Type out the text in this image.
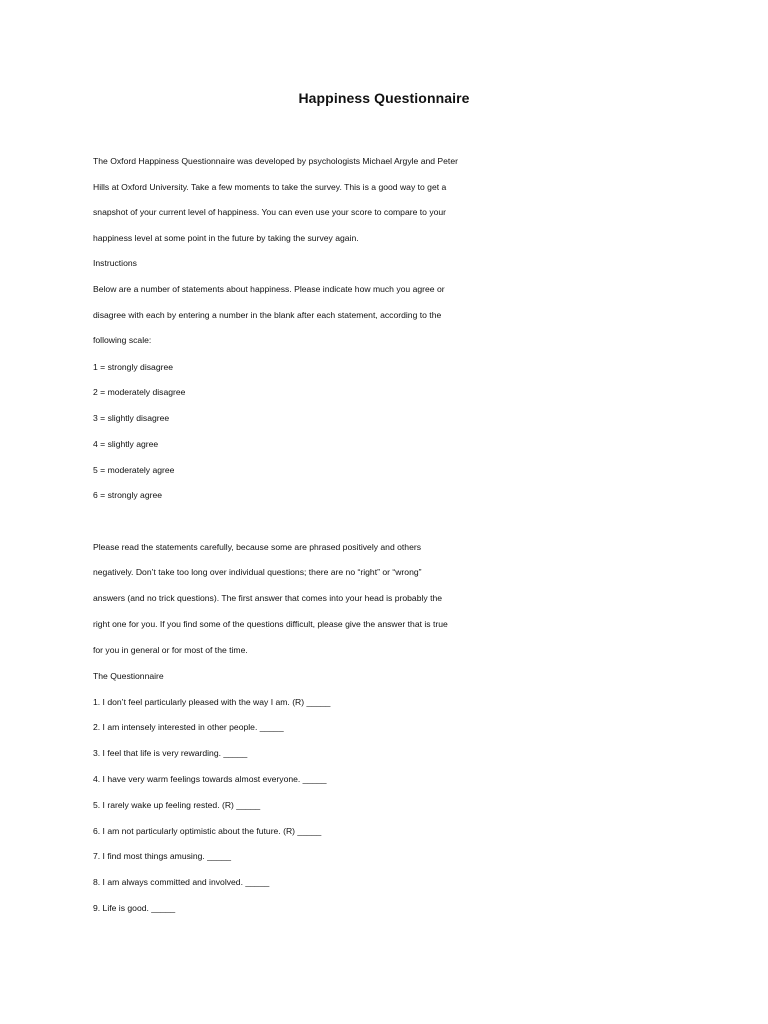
Happiness Questionnaire
The Oxford Happiness Questionnaire was developed by psychologists Michael Argyle and Peter
Hills at Oxford University. Take a few moments to take the survey. This is a good way to get a
snapshot of your current level of happiness. You can even use your score to compare to your
happiness level at some point in the future by taking the survey again.
Instructions
Below are a number of statements about happiness. Please indicate how much you agree or
disagree with each by entering a number in the blank after each statement, according to the
following scale:
1 = strongly disagree
2 = moderately disagree
3 = slightly disagree
4 = slightly agree
5 = moderately agree
6 = strongly agree
Please read the statements carefully, because some are phrased positively and others
negatively. Don’t take too long over individual questions; there are no “right” or “wrong”
answers (and no trick questions). The first answer that comes into your head is probably the
right one for you. If you find some of the questions difficult, please give the answer that is true
for you in general or for most of the time.
The Questionnaire
1. I don’t feel particularly pleased with the way I am. (R) _____
2. I am intensely interested in other people. _____
3. I feel that life is very rewarding. _____
4. I have very warm feelings towards almost everyone. _____
5. I rarely wake up feeling rested. (R) _____
6. I am not particularly optimistic about the future. (R) _____
7. I find most things amusing. _____
8. I am always committed and involved. _____
9. Life is good. _____
